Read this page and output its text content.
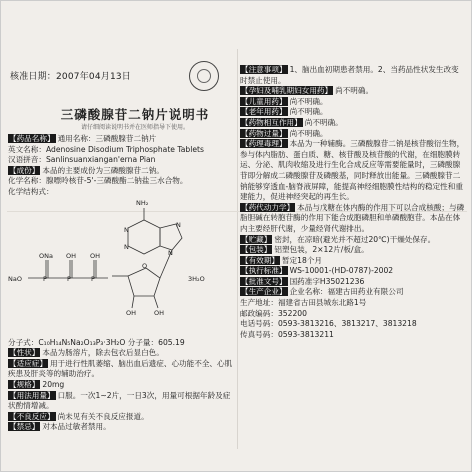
核准日期：2007年04月13日
三磷酸腺苷二钠片说明书
请仔细阅读说明书并在医师指导下使用。
【药品名称】 通用名称：三磷酸腺苷二钠片
英文名称：Adenosine Disodium Triphosphate Tablets
汉语拼音：Sanlinsuanxiangan'erna Pian
【成份】 本品的主要成份为三磷酸腺苷二钠。
化学名称：腺嘌呤核苷-5'-三磷酸酯二钠盐三水合物。
化学结构式：
NH₂
N
N
N
N
O
ONa OH OH
NaO	P	P	P	3H₂O
OH	OH
分子式：C₁₀H₁₄N₅Na₂O₁₃P₃·3H₂O 分子量：605.19
【性状】 本品为肠溶片，除去包衣后显白色。
【适应症】 用于进行性肌萎缩、脑出血后遗症、心功能不全、心肌疾患及肝炎等的辅助治疗。
【规格】 20mg
【用法用量】 口服。一次1~2片，一日3次，用量可根据年龄及症状酌情增减。
【不良反应】 尚未见有关不良反应报道。
【禁忌】 对本品过敏者禁用。
【注意事项】 1、脑出血初期患者禁用。2、当药品性状发生改变时禁止使用。
【孕妇及哺乳期妇女用药】 尚不明确。
【儿童用药】 尚不明确。
【老年用药】 尚不明确。
【药物相互作用】 尚不明确。
【药物过量】 尚不明确。
【药理毒理】 本品为一种辅酶。三磷酸腺苷二钠是核苷酸衍生物，参与体内脂肪、蛋白质、糖、核苷酸及核苷酸的代谢，在细胞膜转运、分泌、肌肉收缩及进行生化合成反应等需要能量时，三磷酸腺苷即分解成二磷酸腺苷及磷酸基，同时释放出能量。三磷酸腺苷二钠能够穿透血-脑脊液屏障，能提高神经细胞膜性结构的稳定性和重建能力，促进神经突起的再生长。
【药代动力学】 本品与戊糖在体内酶的作用下可以合成核酸；与磷脂胆碱在转胞苷酶的作用下能合成胞磷胆和单磷酸胞苷。本品在体内主要经肝代谢，少量经肾代谢排出。
【贮藏】 密封，在凉暗(避光并不超过20℃)干燥处保存。
【包装】 铝塑包装，2×12片/板/盒。
【有效期】 暂定18个月
【执行标准】 WS-10001-(HD-0787)-2002
【批准文号】 国药准字H35021236
【生产企业】 企业名称：福建古田药业有限公司
生产地址：福建省古田县城东北路1号
邮政编码：352200
电话号码：0593-3813216、3813217、3813218
传真号码：0593-3813211
